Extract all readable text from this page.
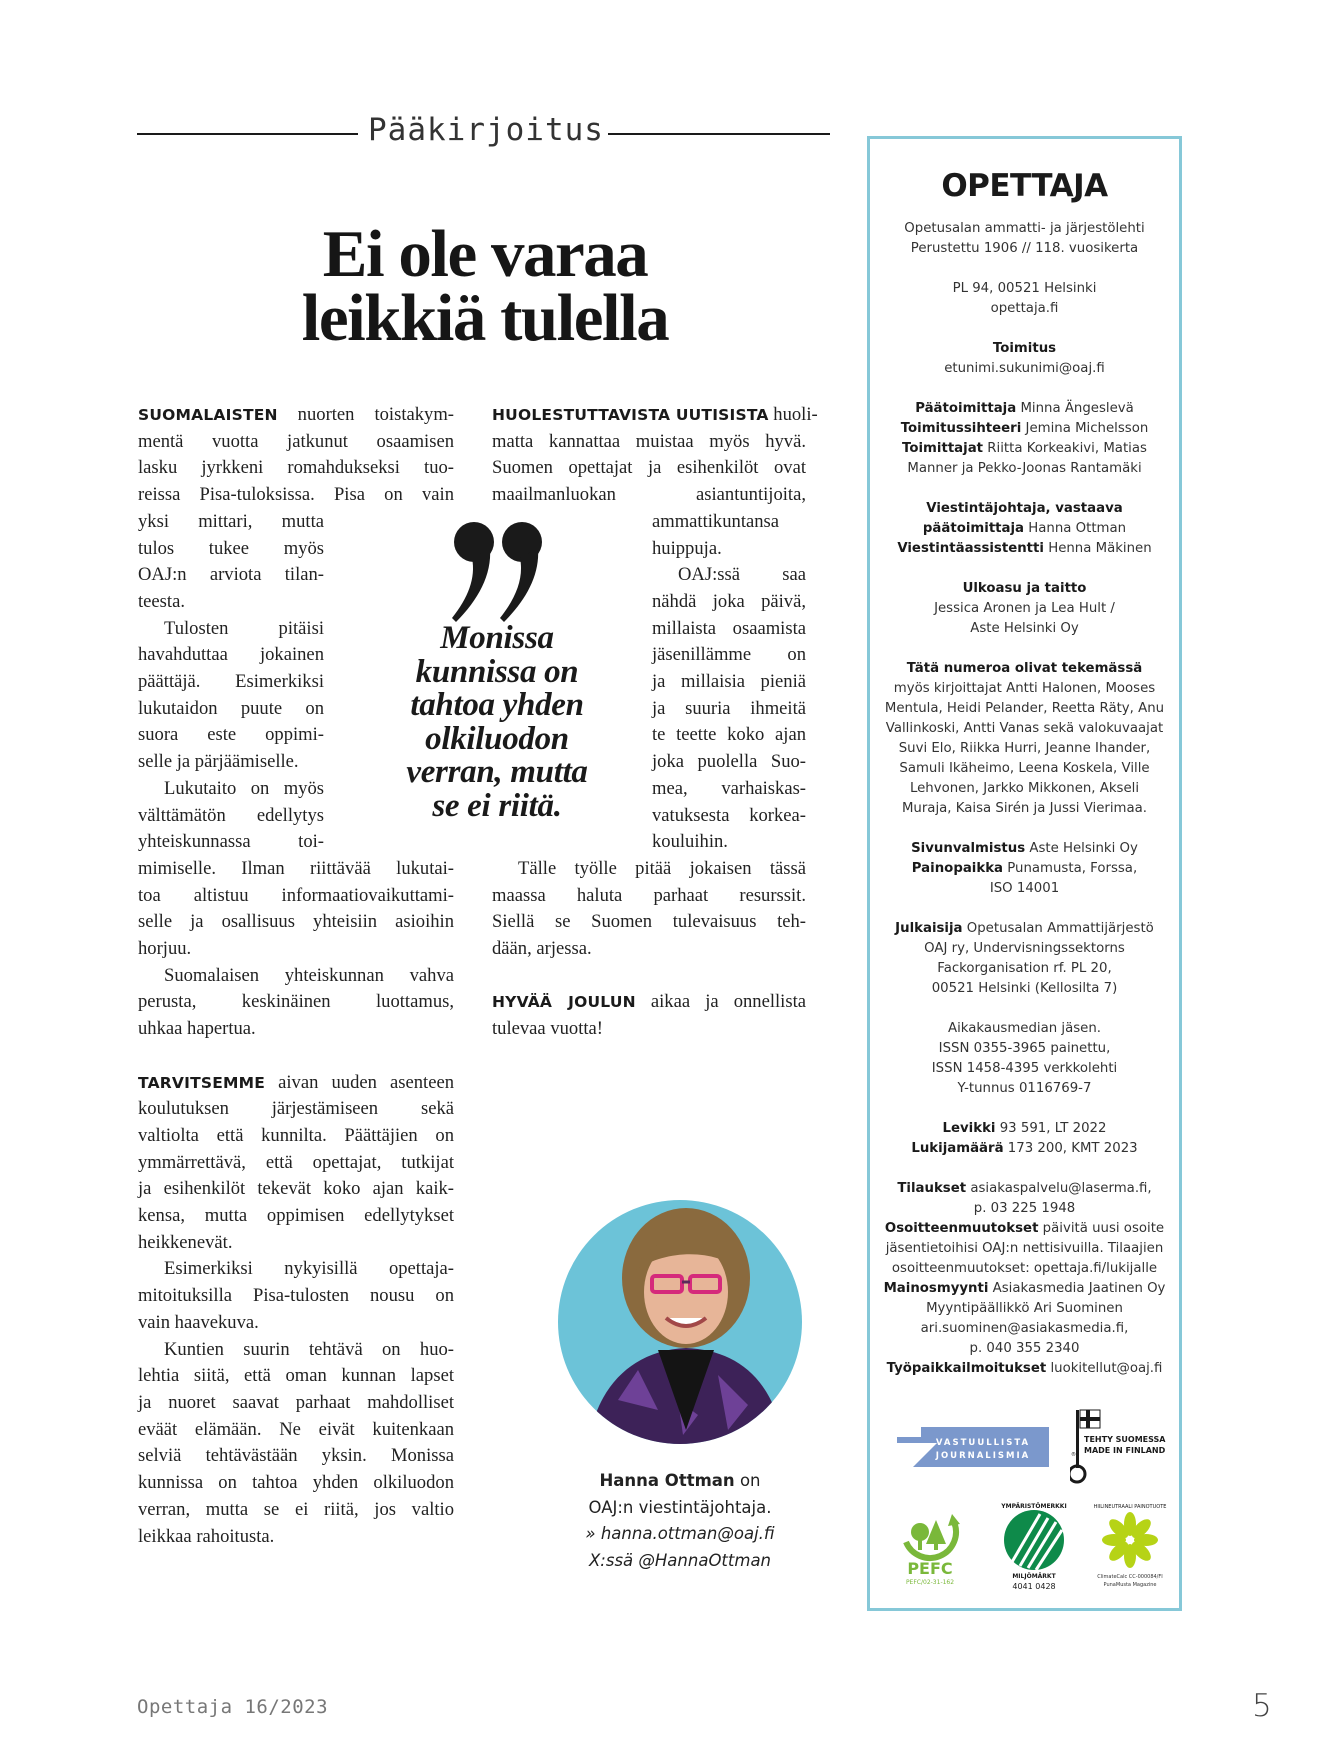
Pääkirjoitus
Ei ole varaa
leikkiä tulella
SUOMALAISTEN nuorten toistakym-
mentä vuotta jatkunut osaamisen
lasku jyrkkeni romahdukseksi tuo-
reissa Pisa-tuloksissa. Pisa on vain
yksi mittari, mutta
tulos tukee myös
OAJ:n arviota tilan-
teesta.
Tulosten pitäisi
havahduttaa jokainen
päättäjä. Esimerkiksi
lukutaidon puute on
suora este oppimi-
selle ja pärjäämiselle.
Lukutaito on myös
välttämätön edellytys
yhteiskunnassa toi-
mimiselle. Ilman riittävää lukutai-
toa altistuu informaatiovaikuttami-
selle ja osallisuus yhteisiin asioihin
horjuu.
Suomalaisen yhteiskunnan vahva
perusta, keskinäinen luottamus,
uhkaa hapertua.
TARVITSEMME aivan uuden asenteen
koulutuksen järjestämiseen sekä
valtiolta että kunnilta. Päättäjien on
ymmärrettävä, että opettajat, tutkijat
ja esihenkilöt tekevät koko ajan kaik-
kensa, mutta oppimisen edellytykset
heikkenevät.
Esimerkiksi nykyisillä opettaja-
mitoituksilla Pisa-tulosten nousu on
vain haavekuva.
Kuntien suurin tehtävä on huo-
lehtia siitä, että oman kunnan lapset
ja nuoret saavat parhaat mahdolliset
eväät elämään. Ne eivät kuitenkaan
selviä tehtävästään yksin. Monissa
kunnissa on tahtoa yhden olkiluodon
verran, mutta se ei riitä, jos valtio
leikkaa rahoitusta.
HUOLESTUTTAVISTA UUTISISTA huoli-
matta kannattaa muistaa myös hyvä.
Suomen opettajat ja esihenkilöt ovat
maailmanluokan asiantuntijoita,
ammattikuntansa
huippuja.
OAJ:ssä saa
nähdä joka päivä,
millaista osaamista
jäsenillämme on
ja millaisia pieniä
ja suuria ihmeitä
te teette koko ajan
joka puolella Suo-
mea, varhaiskas-
vatuksesta korkea-
kouluihin.
Tälle työlle pitää jokaisen tässä
maassa haluta parhaat resurssit.
Siellä se Suomen tulevaisuus teh-
dään, arjessa.
HYVÄÄ JOULUN aikaa ja onnellista
tulevaa vuotta!
Monissa
kunnissa on
tahtoa yhden
olkiluodon
verran, mutta
se ei riitä.
Hanna Ottman on
OAJ:n viestintäjohtaja.
» hanna.ottman@oaj.fi
X:ssä @HannaOttman
OPETTAJA

Opetusalan ammatti- ja järjestölehti

Perustettu 1906 // 118. vuosikerta

PL 94, 00521 Helsinki

opettaja.fi

Toimitus

etunimi.sukunimi@oaj.fi

Päätoimittaja Minna Ängeslevä

Toimitussihteeri Jemina Michelsson

Toimittajat Riitta Korkeakivi, Matias

Manner ja Pekko-Joonas Rantamäki

Viestintäjohtaja, vastaava

päätoimittaja Hanna Ottman

Viestintäassistentti Henna Mäkinen

Ulkoasu ja taitto

Jessica Aronen ja Lea Hult /

Aste Helsinki Oy

Tätä numeroa olivat tekemässä

myös kirjoittajat Antti Halonen, Mooses

Mentula, Heidi Pelander, Reetta Räty, Anu

Vallinkoski, Antti Vanas sekä valokuvaajat

Suvi Elo, Riikka Hurri, Jeanne Ihander,

Samuli Ikäheimo, Leena Koskela, Ville

Lehvonen, Jarkko Mikkonen, Akseli

Muraja, Kaisa Sirén ja Jussi Vierimaa.

Sivunvalmistus Aste Helsinki Oy

Painopaikka Punamusta, Forssa,

ISO 14001

Julkaisija Opetusalan Ammattijärjestö

OAJ ry, Undervisningssektorns

Fackorganisation rf. PL 20,

00521 Helsinki (Kellosilta 7)

Aikakausmedian jäsen.

ISSN 0355-3965 painettu,

ISSN 1458-4395 verkkolehti

Y-tunnus 0116769-7

Levikki 93 591, LT 2022

Lukijamäärä 173 200, KMT 2023

Tilaukset asiakaspalvelu@laserma.fi,

p. 03 225 1948

Osoitteenmuutokset päivitä uusi osoite

jäsentietoihisi OAJ:n nettisivuilla. Tilaajien

osoitteenmuutokset: opettaja.fi/lukijalle

Mainosmyynti Asiakasmedia Jaatinen Oy

Myyntipäällikkö Ari Suominen

ari.suominen@asiakasmedia.fi,

p. 040 355 2340

Työpaikkailmoitukset luokitellut@oaj.fi

VASTUULLISTA
JOURNALISMIA	®
TEHTY SUOMESSA
MADE IN FINLAND
PEFC
PEFC/02-31-162
YMPÄRISTÖMERKKI
MILJÖMÄRKT
4041 0428
HIILINEUTRAALI PAINOTUOTE
ClimateCalc CC-000084/FI
PunaMusta Magazine
Opettaja 16/2023	5
